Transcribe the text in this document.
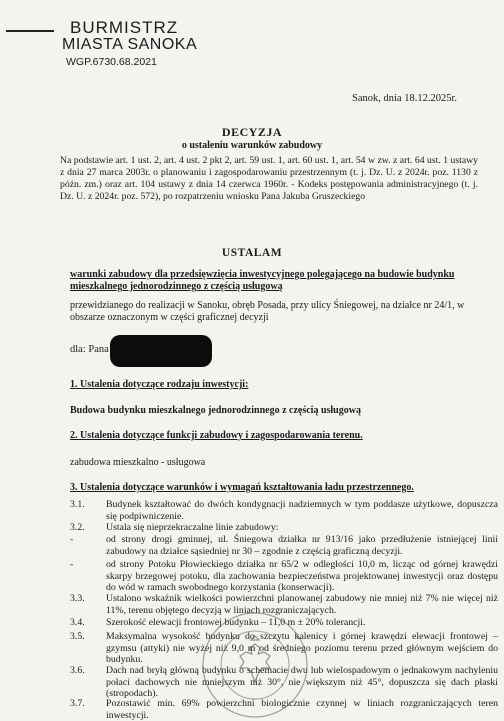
BURMISTRZ
MIASTA SANOKA
WGP.6730.68.2021
Sanok, dnia 18.12.2025r.
DECYZJA
o ustaleniu warunków zabudowy
Na podstawie art. 1 ust. 2, art. 4 ust. 2 pkt 2, art. 59 ust. 1, art. 60 ust. 1, art. 54 w zw. z art. 64 ust. 1 ustawy z dnia 27 marca 2003r. o planowaniu i zagospodarowaniu przestrzennym (t. j. Dz. U. z 2024r. poz. 1130 z późn. zm.) oraz art. 104 ustawy z dnia 14 czerwca 1960r. - Kodeks postępowania administracyjnego (t. j. Dz. U. z 2024r. poz. 572), po rozpatrzeniu wniosku Pana Jakuba Gruszeckiego
USTALAM
warunki zabudowy dla przedsięwzięcia inwestycyjnego polegającego na budowie budynku mieszkalnego jednorodzinnego z częścią usługową
przewidzianego do realizacji w Sanoku, obręb Posada, przy ulicy Śniegowej, na działce nr 24/1, w obszarze oznaczonym w części graficznej decyzji
dla: Pana
1. Ustalenia dotyczące rodzaju inwestycji:
Budowa budynku mieszkalnego jednorodzinnego z częścią usługową
2. Ustalenia dotyczące funkcji zabudowy i zagospodarowania terenu.
zabudowa mieszkalno - usługowa
3. Ustalenia dotyczące warunków i wymagań kształtowania ładu przestrzennego.
3.1. Budynek kształtować do dwóch kondygnacji nadziemnych w tym poddasze użytkowe, dopuszcza się podpiwniczenie.
3.2. Ustala się nieprzekraczalne linie zabudowy:
-	od strony drogi gminnej, ul. Śniegowa działka nr 913/16 jako przedłużenie istniejącej linii zabudowy na działce sąsiedniej nr 30 – zgodnie z częścią graficzną decyzji.
-	od strony Potoku Płowieckiego działka nr 65/2 w odległości 10,0 m, licząc od górnej krawędzi skarpy brzegowej potoku, dla zachowania bezpieczeństwa projektowanej inwestycji oraz dostępu do wód w ramach swobodnego korzystania (konserwacji).
3.3. Ustalono wskaźnik wielkości powierzchni planowanej zabudowy nie mniej niż 7% nie więcej niż 11%, terenu objętego decyzją w liniach rozgraniczających.
3.4. Szerokość elewacji frontowej budynku – 11,0 m ± 20% tolerancji.
3.5. Maksymalna wysokość budynku do szczytu kalenicy i górnej krawędzi elewacji frontowej – gzymsu (attyki) nie wyżej niż 9,0 m od średniego poziomu terenu przed głównym wejściem do budynku.
3.6. Dach nad bryłą główną budynku o schemacie dwu lub wielospadowym o jednakowym nachyleniu połaci dachowych nie mniejszym niż 30°, nie większym niż 45°, dopuszcza się dach płaski (stropodach).
3.7. Pozostawić min. 69% powierzchni biologicznie czynnej w liniach rozgraniczających teren inwestycji.
